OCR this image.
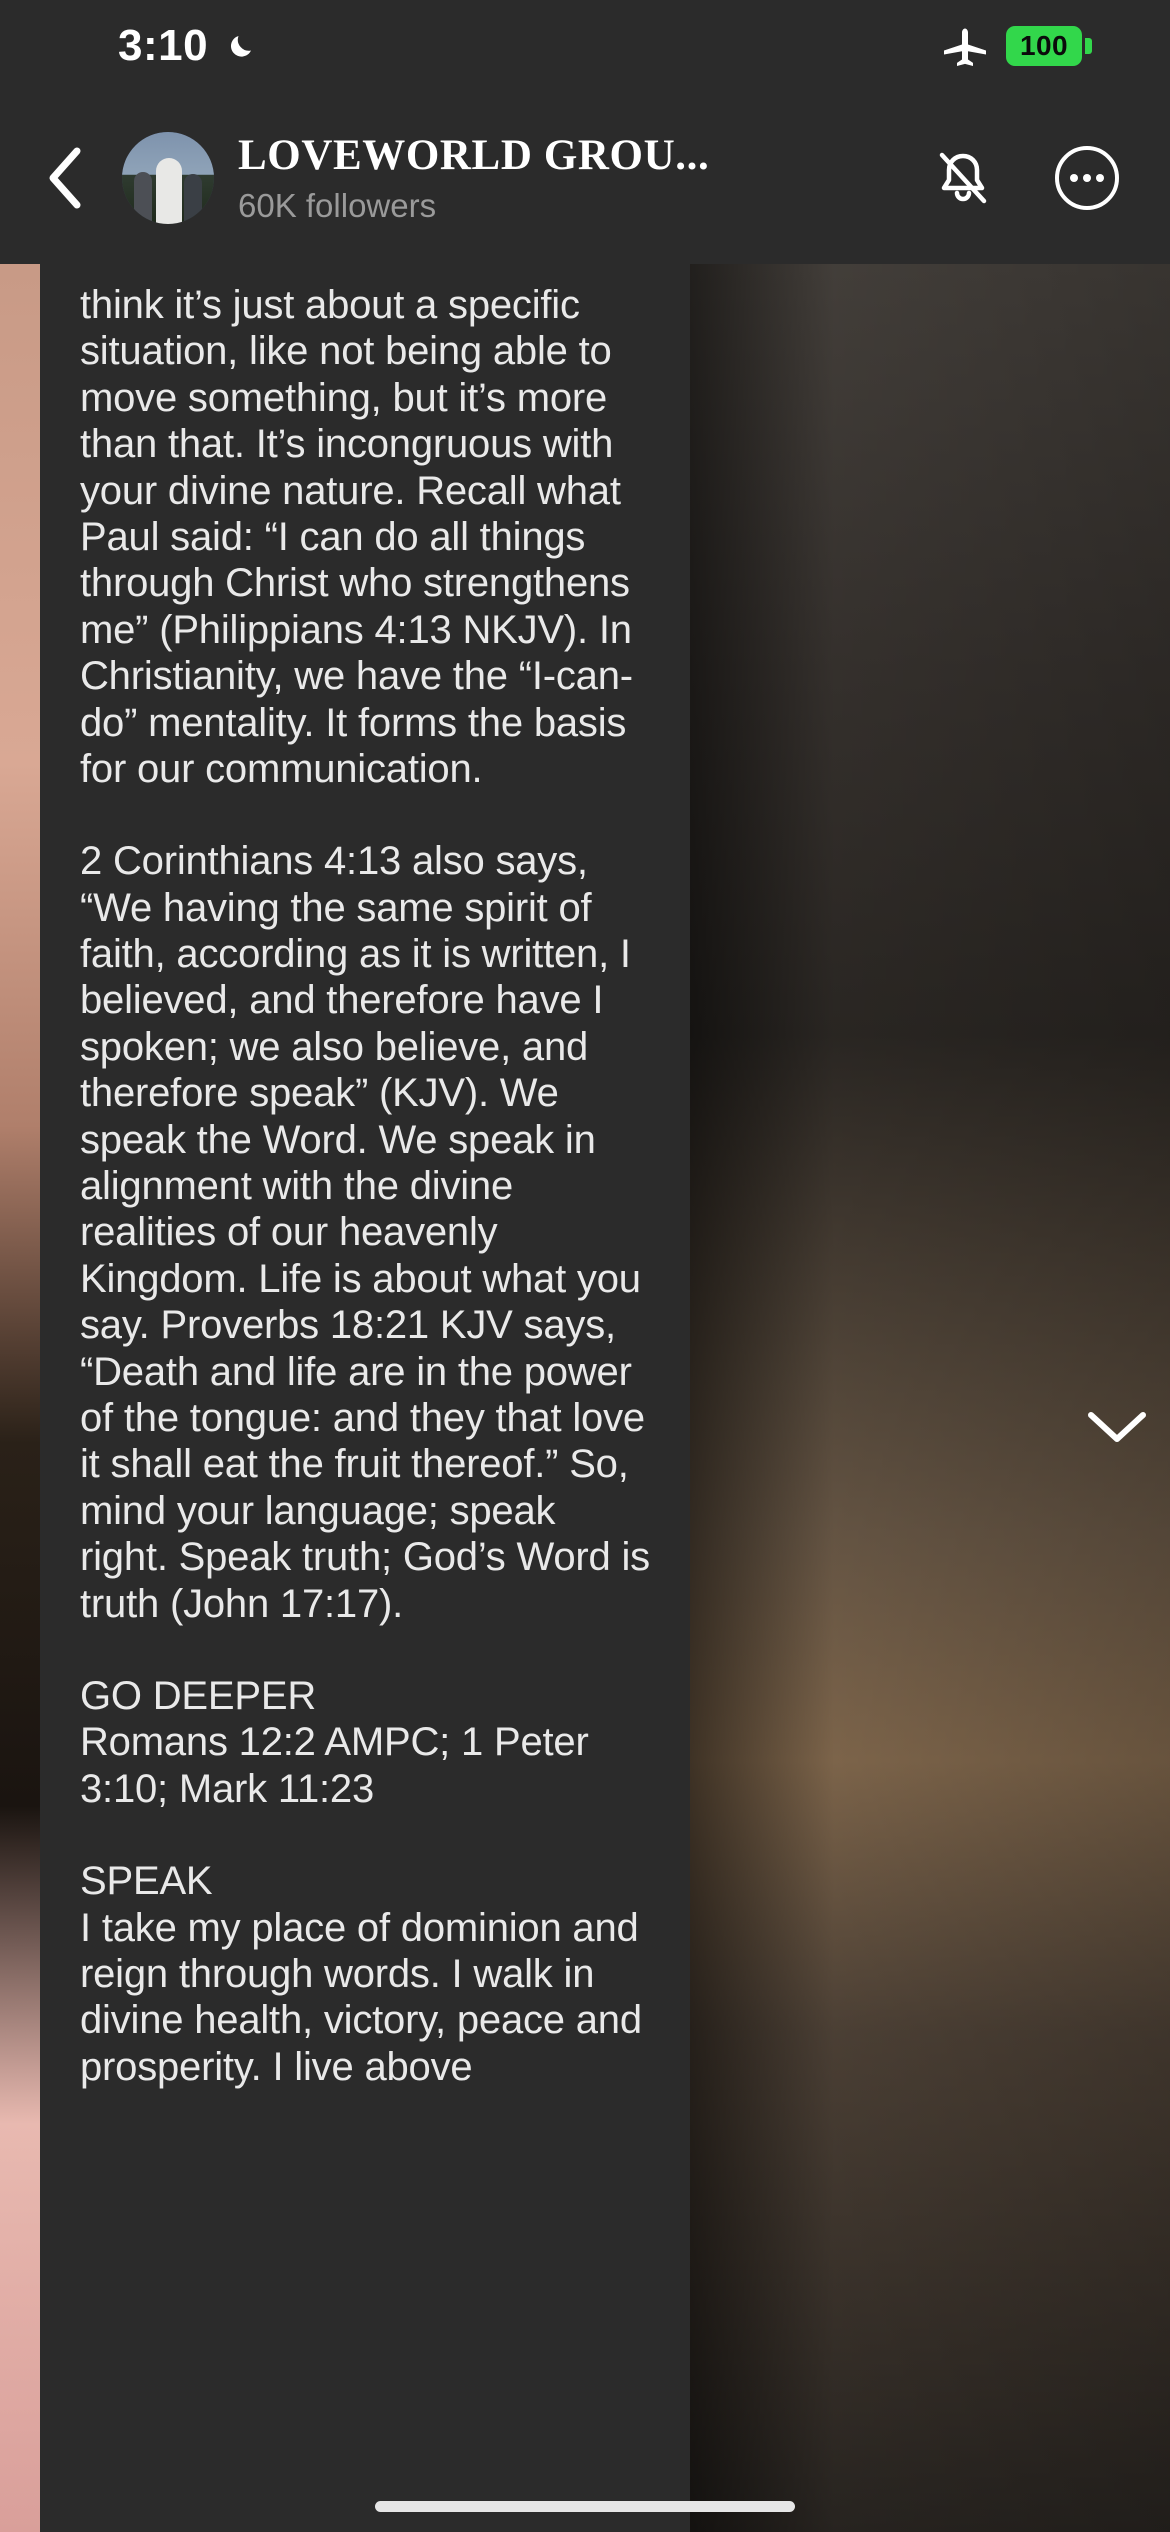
3:10	100
LOVEWORLD GROU...
60K followers
think it’s just about a specific situation, like not being able to move something, but it’s more than that. It’s incongruous with your divine nature. Recall what Paul said: “I can do all things through Christ who strengthens me” (Philippians 4:13 NKJV). In Christianity, we have the “I-can-do” mentality. It forms the basis for our communication.
2 Corinthians 4:13 also says, “We having the same spirit of faith, according as it is written, I believed, and therefore have I spoken; we also believe, and therefore speak” (KJV). We speak the Word. We speak in alignment with the divine realities of our heavenly Kingdom. Life is about what you say. Proverbs 18:21 KJV says, “Death and life are in the power of the tongue: and they that love it shall eat the fruit thereof.” So, mind your language; speak right. Speak truth; God’s Word is truth (John 17:17).
GO DEEPER
Romans 12:2 AMPC; 1 Peter 3:10; Mark 11:23
SPEAK
I take my place of dominion and reign through words. I walk in divine health, victory, peace and prosperity. I live above
